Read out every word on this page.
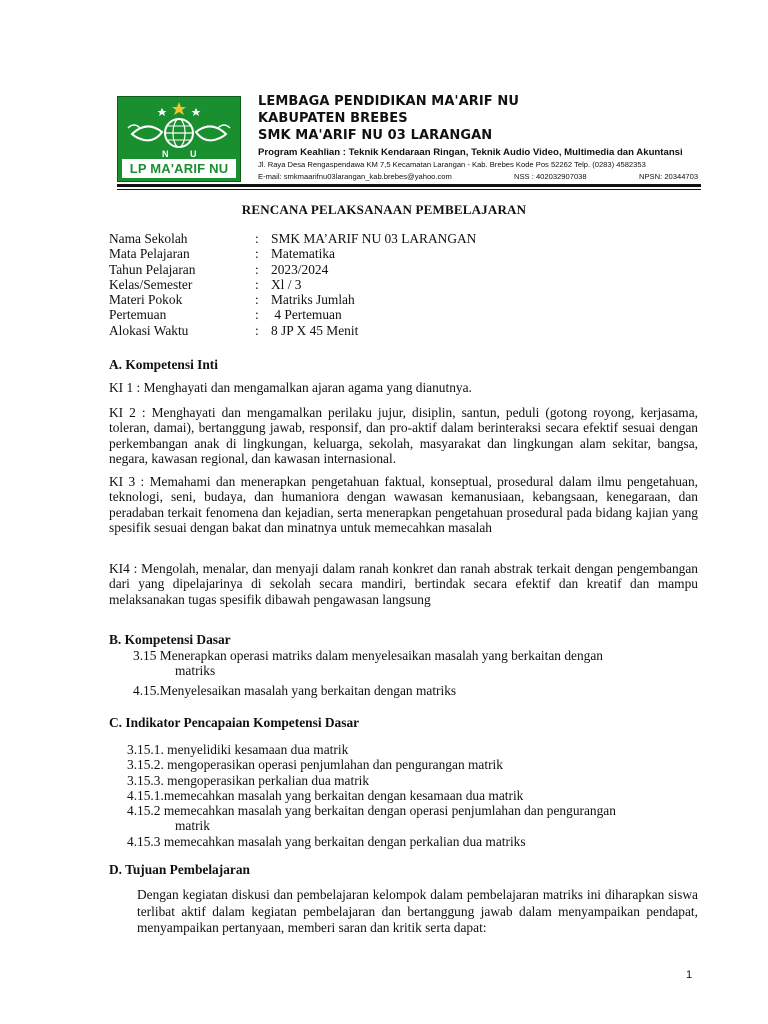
N U
LP MA'ARIF NU
LEMBAGA PENDIDIKAN MA'ARIF NU
KABUPATEN BREBES
SMK MA'ARIF NU 03 LARANGAN
Program Keahlian : Teknik Kendaraan Ringan, Teknik Audio Video, Multimedia dan Akuntansi
Jl. Raya Desa Rengaspendawa KM 7,5 Kecamatan Larangan - Kab. Brebes Kode Pos 52262 Telp. (0283) 4582353
E-mail: smkmaarifnu03larangan_kab.brebes@yahoo.com	NSS : 402032907038	NPSN: 20344703
RENCANA PELAKSANAAN PEMBELAJARAN
Nama Sekolah	: SMK MA’ARIF NU 03 LARANGAN
Mata Pelajaran	: Matematika
Tahun Pelajaran	: 2023/2024
Kelas/Semester	: Xl / 3
Materi Pokok	: Matriks Jumlah
Pertemuan	: 4 Pertemuan
Alokasi Waktu	: 8 JP X 45 Menit
A. Kompetensi Inti

KI 1 : Menghayati dan mengamalkan ajaran agama yang dianutnya.

KI 2 : Menghayati dan mengamalkan perilaku jujur, disiplin, santun, peduli (gotong royong, kerjasama, toleran, damai), bertanggung jawab, responsif, dan pro-aktif dalam berinteraksi secara efektif sesuai dengan perkembangan anak di lingkungan, keluarga, sekolah, masyarakat dan lingkungan alam sekitar, bangsa, negara, kawasan regional, dan kawasan internasional.

KI 3 : Memahami dan menerapkan pengetahuan faktual, konseptual, prosedural dalam ilmu pengetahuan, teknologi, seni, budaya, dan humaniora dengan wawasan kemanusiaan, kebangsaan, kenegaraan, dan peradaban terkait fenomena dan kejadian, serta menerapkan pengetahuan prosedural pada bidang kajian yang spesifik sesuai dengan bakat dan minatnya untuk memecahkan masalah

KI4 : Mengolah, menalar, dan menyaji dalam ranah konkret dan ranah abstrak terkait dengan pengembangan dari yang dipelajarinya di sekolah secara mandiri, bertindak secara efektif dan kreatif dan mampu melaksanakan tugas spesifik dibawah pengawasan langsung

B. Kompetensi Dasar
3.15 Menerapkan operasi matriks dalam menyelesaikan masalah yang berkaitan dengan
matriks
4.15.Menyelesaikan masalah yang berkaitan dengan matriks
C. Indikator Pencapaian Kompetensi Dasar
3.15.1. menyelidiki kesamaan dua matrik
3.15.2. mengoperasikan operasi penjumlahan dan pengurangan matrik
3.15.3. mengoperasikan perkalian dua matrik
4.15.1.memecahkan masalah yang berkaitan dengan kesamaan dua matrik
4.15.2 memecahkan masalah yang berkaitan dengan operasi penjumlahan dan pengurangan
matrik
4.15.3 memecahkan masalah yang berkaitan dengan perkalian dua matriks
D. Tujuan Pembelajaran

Dengan kegiatan diskusi dan pembelajaran kelompok dalam pembelajaran matriks ini diharapkan siswa terlibat aktif dalam kegiatan pembelajaran dan bertanggung jawab dalam menyampaikan pendapat, menyampaikan pertanyaan, memberi saran dan kritik serta dapat:

1
